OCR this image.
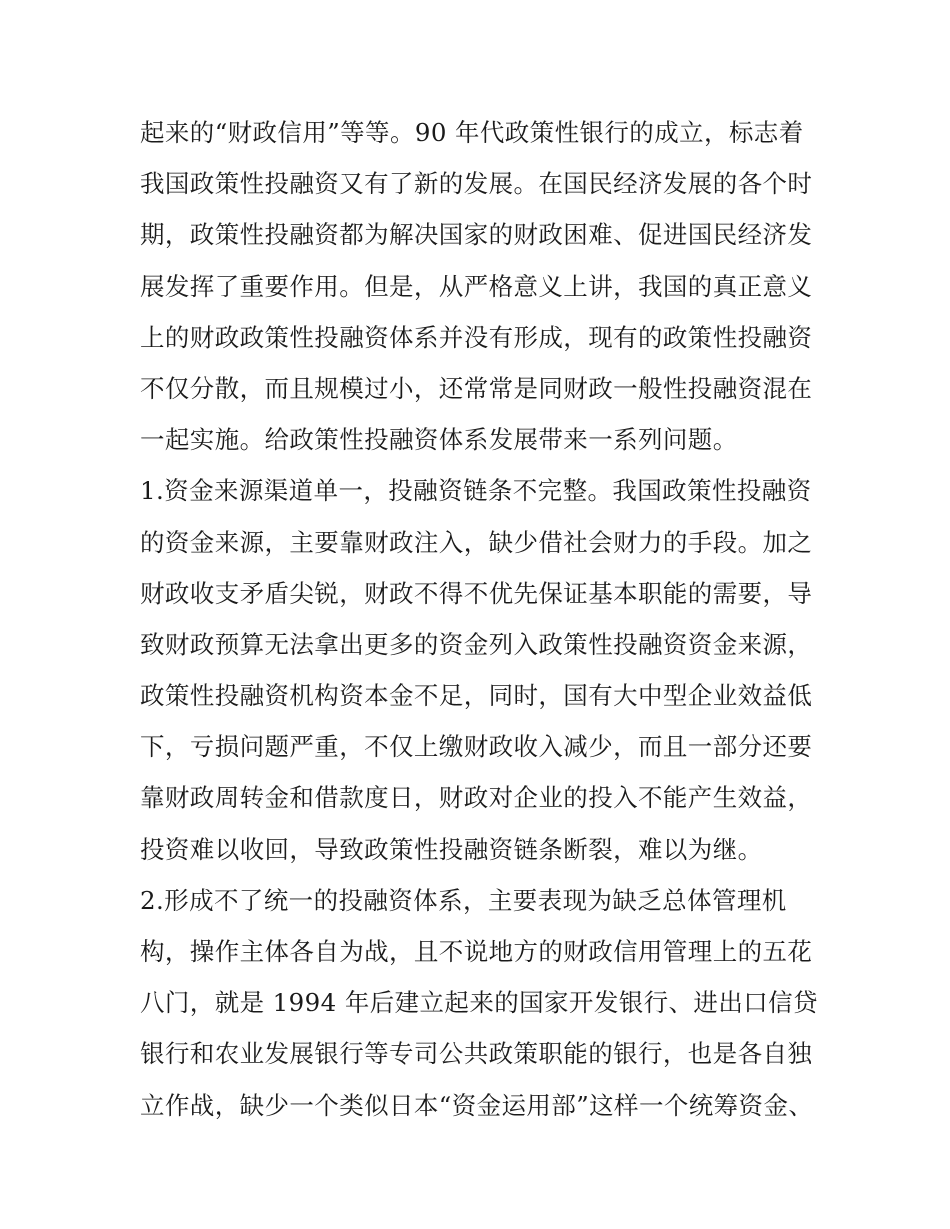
起来的“财政信用”等等。90 年代政策性银行的成立，标志着
我国政策性投融资又有了新的发展。在国民经济发展的各个时
期，政策性投融资都为解决国家的财政困难、促进国民经济发
展发挥了重要作用。但是，从严格意义上讲，我国的真正意义
上的财政政策性投融资体系并没有形成，现有的政策性投融资
不仅分散，而且规模过小，还常常是同财政一般性投融资混在
一起实施。给政策性投融资体系发展带来一系列问题。
1.资金来源渠道单一，投融资链条不完整。我国政策性投融资
的资金来源，主要靠财政注入，缺少借社会财力的手段。加之
财政收支矛盾尖锐，财政不得不优先保证基本职能的需要，导
致财政预算无法拿出更多的资金列入政策性投融资资金来源，
政策性投融资机构资本金不足，同时，国有大中型企业效益低
下，亏损问题严重，不仅上缴财政收入减少，而且一部分还要
靠财政周转金和借款度日，财政对企业的投入不能产生效益，
投资难以收回，导致政策性投融资链条断裂，难以为继。
2.形成不了统一的投融资体系，主要表现为缺乏总体管理机
构，操作主体各自为战，且不说地方的财政信用管理上的五花
八门，就是 1994 年后建立起来的国家开发银行、进出口信贷
银行和农业发展银行等专司公共政策职能的银行，也是各自独
立作战，缺少一个类似日本“资金运用部”这样一个统筹资金、
